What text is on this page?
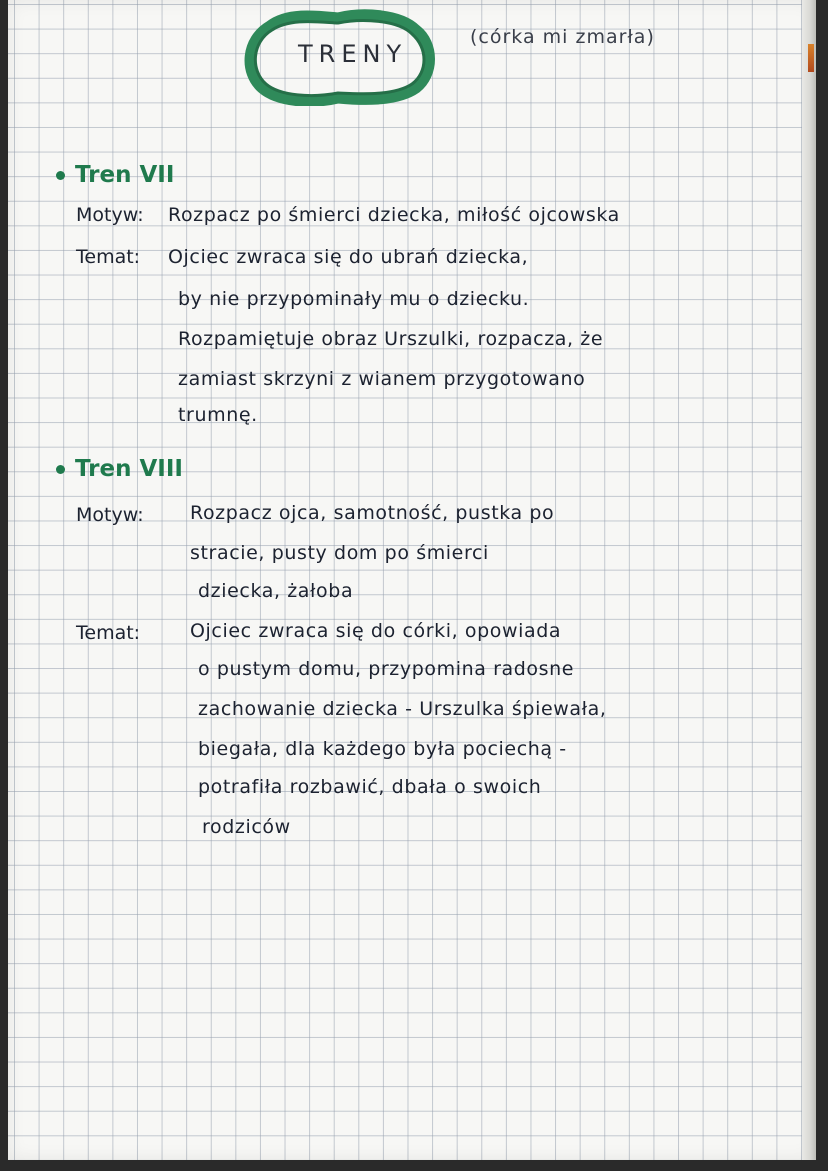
TRENY
(córka mi zmarła)
Tren VII
Motyw: Rozpacz po śmierci dziecka, miłość ojcowska
Temat: Ojciec zwraca się do ubrań dziecka,
by nie przypominały mu o dziecku.
Rozpamiętuje obraz Urszulki, rozpacza, że
zamiast skrzyni z wianem przygotowano
trumnę.
Tren VIII
Motyw: Rozpacz ojca, samotność, pustka po
stracie, pusty dom po śmierci
dziecka, żałoba
Temat:	Ojciec zwraca się do córki, opowiada
o pustym domu, przypomina radosne
zachowanie dziecka - Urszulka śpiewała,
biegała, dla każdego była pociechą -
potrafiła rozbawić, dbała o swoich
rodziców
